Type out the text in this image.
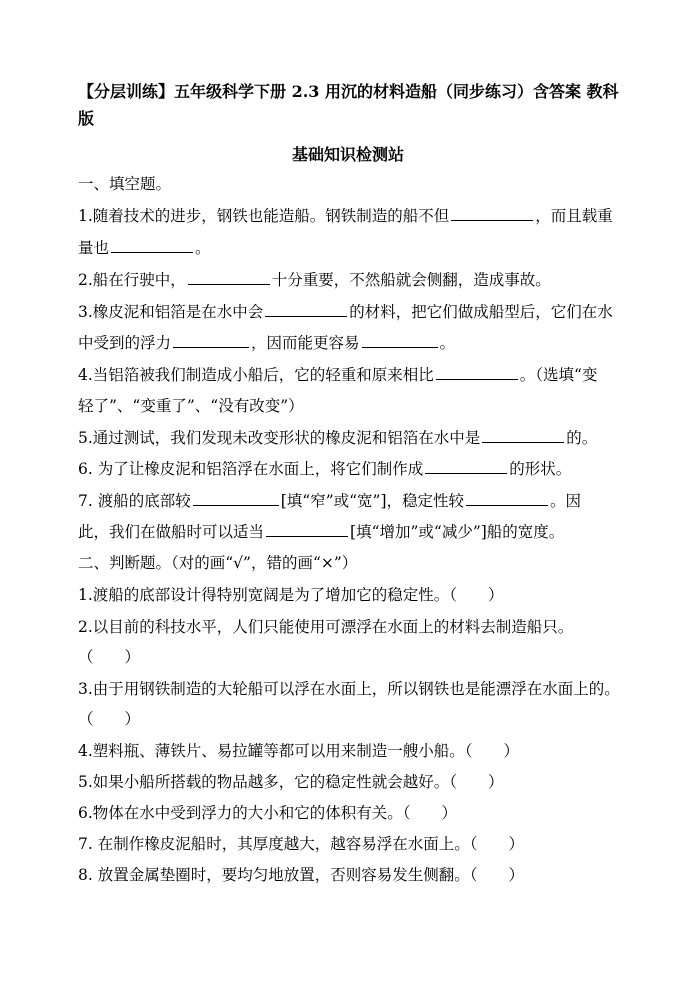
【分层训练】五年级科学下册 2.3 用沉的材料造船（同步练习）含答案 教科版
基础知识检测站
一、填空题。
1.随着技术的进步，钢铁也能造船。钢铁制造的船不但	，而且载重
量也	。
2.船在行驶中，	十分重要，不然船就会侧翻，造成事故。
3.橡皮泥和铝箔是在水中会	的材料，把它们做成船型后，它们在水
中受到的浮力	，因而能更容易	。
4.当铝箔被我们制造成小船后，它的轻重和原来相比	。（选填“变
轻了”、“变重了”、“没有改变”）
5.通过测试，我们发现未改变形状的橡皮泥和铝箔在水中是	的。
6. 为了让橡皮泥和铝箔浮在水面上，将它们制作成	的形状。
7. 渡船的底部较	[填“窄”或“宽”]，稳定性较	。因
此，我们在做船时可以适当	[填“增加”或“减少”]船的宽度。
二、判断题。（对的画“√”，错的画“×”）
1.渡船的底部设计得特别宽阔是为了增加它的稳定性。（　　）
2.以目前的科技水平，人们只能使用可漂浮在水面上的材料去制造船只。
（　　）
3.由于用钢铁制造的大轮船可以浮在水面上，所以钢铁也是能漂浮在水面上的。
（　　）
4.塑料瓶、薄铁片、易拉罐等都可以用来制造一艘小船。（　　）
5.如果小船所搭载的物品越多，它的稳定性就会越好。（　　）
6.物体在水中受到浮力的大小和它的体积有关。（　　）
7. 在制作橡皮泥船时，其厚度越大，越容易浮在水面上。（　　）
8. 放置金属垫圈时，要均匀地放置，否则容易发生侧翻。（　　）
